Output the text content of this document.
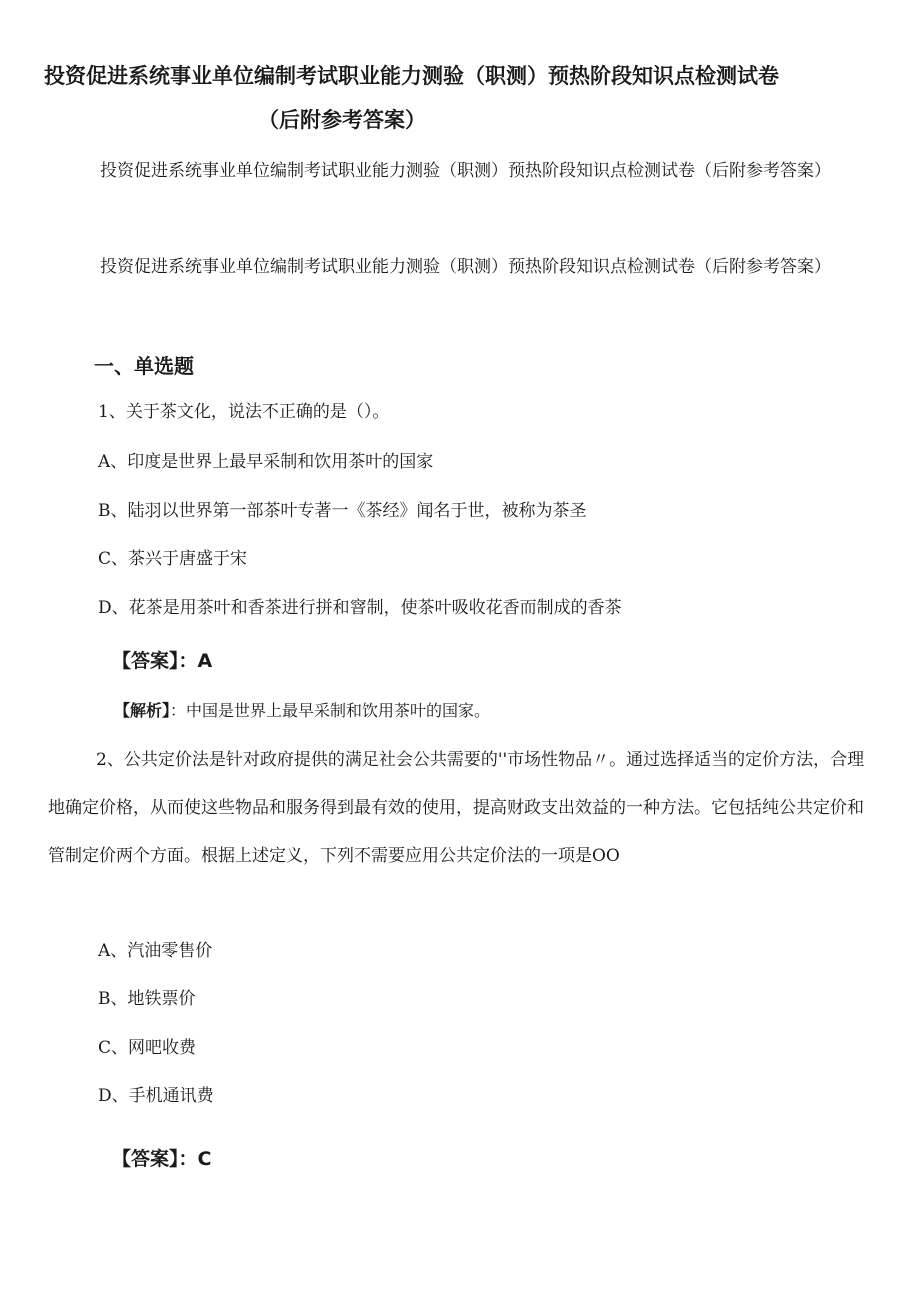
投资促进系统事业单位编制考试职业能力测验（职测）预热阶段知识点检测试卷
（后附参考答案）

投资促进系统事业单位编制考试职业能力测验（职测）预热阶段知识点检测试卷（后附参考答案）

投资促进系统事业单位编制考试职业能力测验（职测）预热阶段知识点检测试卷（后附参考答案）

一、单选题

1、关于茶文化，说法不正确的是（）。

A、印度是世界上最早采制和饮用茶叶的国家

B、陆羽以世界第一部茶叶专著一《茶经》闻名于世，被称为茶圣

C、茶兴于唐盛于宋

D、花茶是用茶叶和香茶进行拼和窨制，使茶叶吸收花香而制成的香茶

【答案】：A

【解析】：中国是世界上最早采制和饮用茶叶的国家。

2、公共定价法是针对政府提供的满足社会公共需要的''市场性物品〃。通过选择适当的定价方法，合理地确定价格，从而使这些物品和服务得到最有效的使用，提高财政支出效益的一种方法。它包括纯公共定价和管制定价两个方面。根据上述定义，下列不需要应用公共定价法的一项是OO

A、汽油零售价

B、地铁票价

C、网吧收费

D、手机通讯费

【答案】：C
